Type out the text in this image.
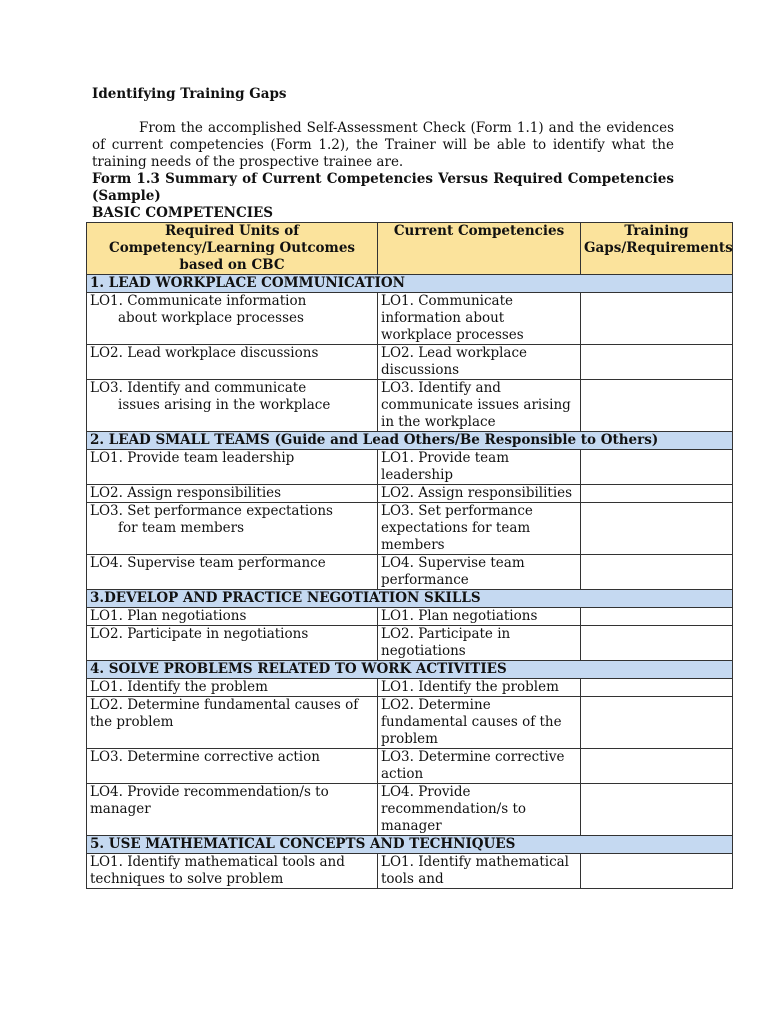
Identifying Training Gaps
From the accomplished Self-Assessment Check (Form 1.1) and the evidences of current competencies (Form 1.2), the Trainer will be able to identify what the training needs of the prospective trainee are.
Form 1.3 Summary of Current Competencies Versus Required Competencies (Sample)
BASIC COMPETENCIES
Required Units of Competency/Learning Outcomes based on CBC	Current Competencies	Training Gaps/Requirements
1. LEAD WORKPLACE COMMUNICATION		
LO1. Communicate information
about workplace processes	LO1. Communicate information about workplace processes	
LO2. Lead workplace discussions	LO2. Lead workplace discussions	
LO3. Identify and communicate
issues arising in the workplace	LO3. Identify and communicate issues arising in the workplace	
2. LEAD SMALL TEAMS (Guide and Lead Others/Be Responsible to Others)		
LO1. Provide team leadership	LO1. Provide team leadership	
LO2. Assign responsibilities	LO2. Assign responsibilities	
LO3. Set performance expectations
for team members	LO3. Set performance expectations for team members	
LO4. Supervise team performance	LO4. Supervise team performance	
3.DEVELOP AND PRACTICE NEGOTIATION SKILLS		
LO1. Plan negotiations	LO1. Plan negotiations	
LO2. Participate in negotiations	LO2. Participate in negotiations	
4. SOLVE PROBLEMS RELATED TO WORK ACTIVITIES		
LO1. Identify the problem	LO1. Identify the problem	
LO2. Determine fundamental causes of the problem	LO2. Determine fundamental causes of the problem	
LO3. Determine corrective action	LO3. Determine corrective action	
LO4. Provide recommendation/s to manager	LO4. Provide recommendation/s to manager	
5. USE MATHEMATICAL CONCEPTS AND TECHNIQUES		
LO1. Identify mathematical tools and techniques to solve problem	LO1. Identify mathematical tools and	
